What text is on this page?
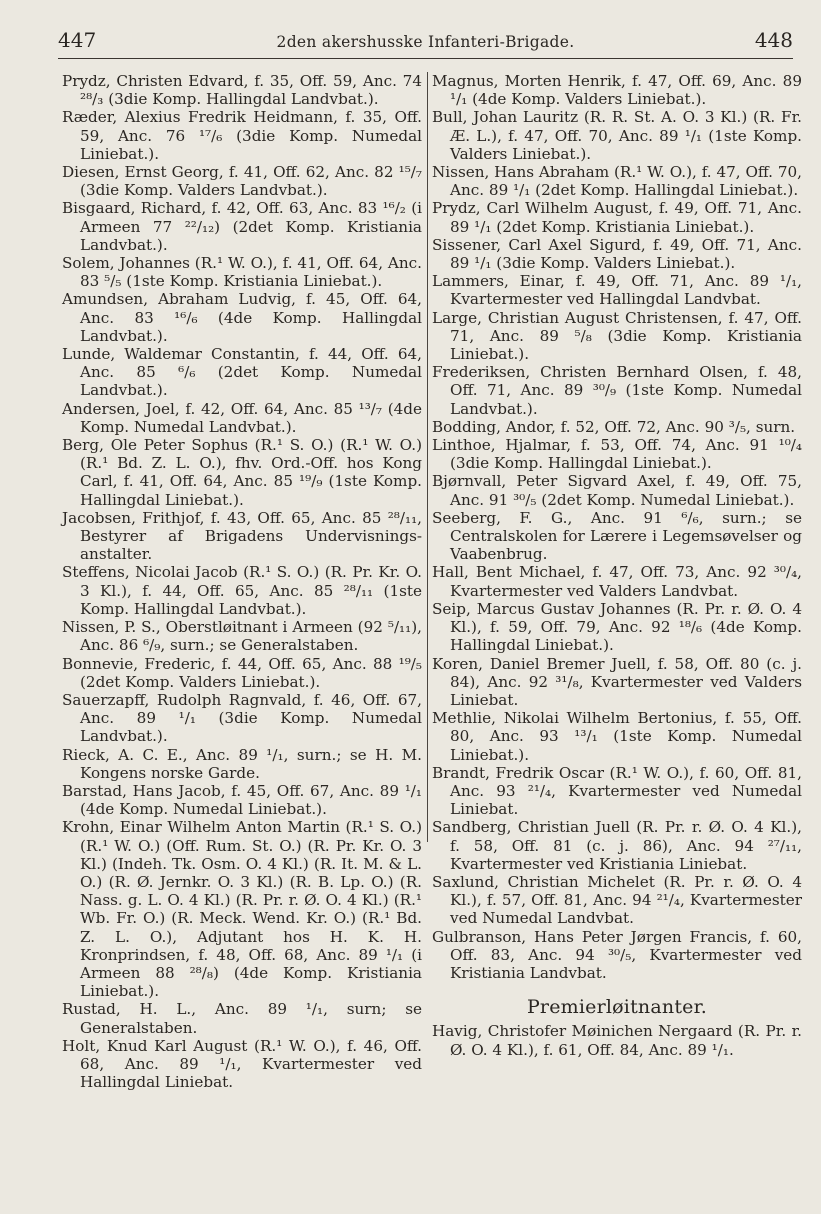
447	2den akershusske Infanteri-Brigade.	448

Prydz, Christen Edvard, f. 35, Off. 59, Anc. 74 ²⁸/₃ (3die Komp. Hallingdal Landvbat.).

Ræder, Alexius Fredrik Heidmann, f. 35, Off. 59, Anc. 76 ¹⁷/₆ (3die Komp. Numedal Liniebat.).

Diesen, Ernst Georg, f. 41, Off. 62, Anc. 82 ¹⁵/₇ (3die Komp. Valders Landvbat.).

Bisgaard, Richard, f. 42, Off. 63, Anc. 83 ¹⁶/₂ (i Armeen 77 ²²/₁₂) (2det Komp. Kristiania Landvbat.).

Solem, Johannes (R.¹ W. O.), f. 41, Off. 64, Anc. 83 ⁵/₅ (1ste Komp. Kristiania Liniebat.).

Amundsen, Abraham Ludvig, f. 45, Off. 64, Anc. 83 ¹⁶/₆ (4de Komp. Hallingdal Landvbat.).

Lunde, Waldemar Constantin, f. 44, Off. 64, Anc. 85 ⁶/₆ (2det Komp. Numedal Landvbat.).

Andersen, Joel, f. 42, Off. 64, Anc. 85 ¹³/₇ (4de Komp. Numedal Landvbat.).

Berg, Ole Peter Sophus (R.¹ S. O.) (R.¹ W. O.) (R.¹ Bd. Z. L. O.), fhv. Ord.-Off. hos Kong Carl, f. 41, Off. 64, Anc. 85 ¹⁹/₉ (1ste Komp. Hallingdal Liniebat.).

Jacobsen, Frithjof, f. 43, Off. 65, Anc. 85 ²⁸/₁₁, Bestyrer af Brigadens Undervisnings-anstalter.

Steffens, Nicolai Jacob (R.¹ S. O.) (R. Pr. Kr. O. 3 Kl.), f. 44, Off. 65, Anc. 85 ²⁸/₁₁ (1ste Komp. Hallingdal Landvbat.).

Nissen, P. S., Oberstløitnant i Armeen (92 ⁵/₁₁), Anc. 86 ⁶/₉, surn.; se Generalstaben.

Bonnevie, Frederic, f. 44, Off. 65, Anc. 88 ¹⁹/₅ (2det Komp. Valders Liniebat.).

Sauerzapff, Rudolph Ragnvald, f. 46, Off. 67, Anc. 89 ¹/₁ (3die Komp. Numedal Landvbat.).

Rieck, A. C. E., Anc. 89 ¹/₁, surn.; se H. M. Kongens norske Garde.

Barstad, Hans Jacob, f. 45, Off. 67, Anc. 89 ¹/₁ (4de Komp. Numedal Liniebat.).

Krohn, Einar Wilhelm Anton Martin (R.¹ S. O.) (R.¹ W. O.) (Off. Rum. St. O.) (R. Pr. Kr. O. 3 Kl.) (Indeh. Tk. Osm. O. 4 Kl.) (R. It. M. & L. O.) (R. Ø. Jernkr. O. 3 Kl.) (R. B. Lp. O.) (R. Nass. g. L. O. 4 Kl.) (R. Pr. r. Ø. O. 4 Kl.) (R.¹ Wb. Fr. O.) (R. Meck. Wend. Kr. O.) (R.¹ Bd. Z. L. O.), Adjutant hos H. K. H. Kronprindsen, f. 48, Off. 68, Anc. 89 ¹/₁ (i Armeen 88 ²⁸/₈) (4de Komp. Kristiania Liniebat.).

Rustad, H. L., Anc. 89 ¹/₁, surn; se Generalstaben.

Holt, Knud Karl August (R.¹ W. O.), f. 46, Off. 68, Anc. 89 ¹/₁, Kvartermester ved Hallingdal Liniebat.

Magnus, Morten Henrik, f. 47, Off. 69, Anc. 89 ¹/₁ (4de Komp. Valders Liniebat.).

Bull, Johan Lauritz (R. R. St. A. O. 3 Kl.) (R. Fr. Æ. L.), f. 47, Off. 70, Anc. 89 ¹/₁ (1ste Komp. Valders Liniebat.).

Nissen, Hans Abraham (R.¹ W. O.), f. 47, Off. 70, Anc. 89 ¹/₁ (2det Komp. Hallingdal Liniebat.).

Prydz, Carl Wilhelm August, f. 49, Off. 71, Anc. 89 ¹/₁ (2det Komp. Kristiania Liniebat.).

Sissener, Carl Axel Sigurd, f. 49, Off. 71, Anc. 89 ¹/₁ (3die Komp. Valders Liniebat.).

Lammers, Einar, f. 49, Off. 71, Anc. 89 ¹/₁, Kvartermester ved Hallingdal Landvbat.

Large, Christian August Christensen, f. 47, Off. 71, Anc. 89 ⁵/₈ (3die Komp. Kristiania Liniebat.).

Frederiksen, Christen Bernhard Olsen, f. 48, Off. 71, Anc. 89 ³⁰/₉ (1ste Komp. Numedal Landvbat.).

Bodding, Andor, f. 52, Off. 72, Anc. 90 ³/₅, surn.

Linthoe, Hjalmar, f. 53, Off. 74, Anc. 91 ¹⁰/₄ (3die Komp. Hallingdal Liniebat.).

Bjørnvall, Peter Sigvard Axel, f. 49, Off. 75, Anc. 91 ³⁰/₅ (2det Komp. Numedal Liniebat.).

Seeberg, F. G., Anc. 91 ⁶/₆, surn.; se Centralskolen for Lærere i Legemsøvelser og Vaabenbrug.

Hall, Bent Michael, f. 47, Off. 73, Anc. 92 ³⁰/₄, Kvartermester ved Valders Landvbat.

Seip, Marcus Gustav Johannes (R. Pr. r. Ø. O. 4 Kl.), f. 59, Off. 79, Anc. 92 ¹⁸/₆ (4de Komp. Hallingdal Liniebat.).

Koren, Daniel Bremer Juell, f. 58, Off. 80 (c. j. 84), Anc. 92 ³¹/₈, Kvartermester ved Valders Liniebat.

Methlie, Nikolai Wilhelm Bertonius, f. 55, Off. 80, Anc. 93 ¹³/₁ (1ste Komp. Numedal Liniebat.).

Brandt, Fredrik Oscar (R.¹ W. O.), f. 60, Off. 81, Anc. 93 ²¹/₄, Kvartermester ved Numedal Liniebat.

Sandberg, Christian Juell (R. Pr. r. Ø. O. 4 Kl.), f. 58, Off. 81 (c. j. 86), Anc. 94 ²⁷/₁₁, Kvartermester ved Kristiania Liniebat.

Saxlund, Christian Michelet (R. Pr. r. Ø. O. 4 Kl.), f. 57, Off. 81, Anc. 94 ²¹/₄, Kvartermester ved Numedal Landvbat.

Gulbranson, Hans Peter Jørgen Francis, f. 60, Off. 83, Anc. 94 ³⁰/₅, Kvartermester ved Kristiania Landvbat.

Premierløitnanter.

Havig, Christofer Møinichen Nergaard (R. Pr. r. Ø. O. 4 Kl.), f. 61, Off. 84, Anc. 89 ¹/₁.
